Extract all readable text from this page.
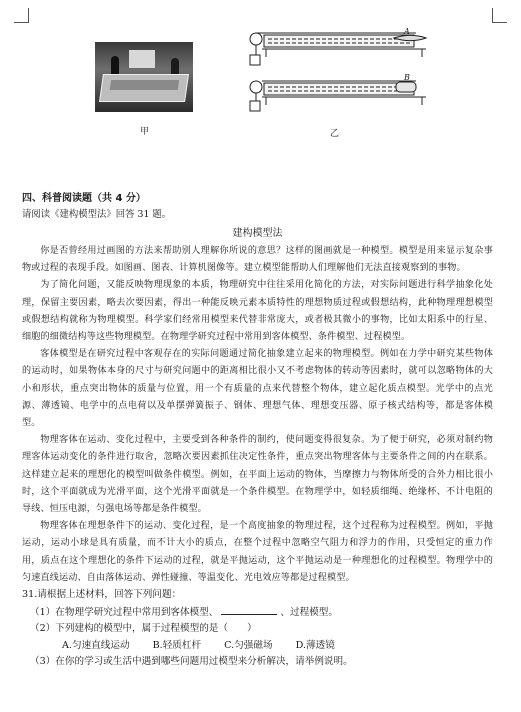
甲
A
B
乙
四、科普阅读题（共 4 分）
请阅读《建构模型法》回答 31 题。
建构模型法
你是否曾经用过画图的方法来帮助别人理解你所说的意思？这样的图画就是一种模型。模型是用来显示复杂事物或过程的表现手段。如图画、图表、计算机图像等。建立模型能帮助人们理解他们无法直接观察到的事物。
为了简化问题，又能反映物理现象的本质，物理研究中往往采用化简化的方法，对实际问题进行科学抽象化处理，保留主要因素，略去次要因素，得出一种能反映元素本质特性的理想物质过程或假想结构，此种物理理想模型或假想结构就称为物理模型。科学家们经常用模型来代替非常庞大，或者极其微小的事物，比如太阳系中的行星、细胞的细微结构等这些物理模型。在物理学研究过程中常用到客体模型、条件模型、过程模型。
客体模型是在研究过程中客观存在的实际问题通过简化抽象建立起来的物理模型。例如在力学中研究某些物体的运动时，如果物体本身的尺寸与研究问题中的距离相比很小又不考虑物体的转动等因素时，就可以忽略物体的大小和形状，重点突出物体的质量与位置，用一个有质量的点来代替整个物体，建立起化质点模型。光学中的点光源、薄透镜、电学中的点电荷以及单摆弹簧振子、钢体、理想气体、理想变压器、原子核式结构等，都是客体模型。
物理客体在运动、变化过程中，主要受到各种条件的制约，使问题变得很复杂。为了便于研究，必须对制约物理客体运动变化的条件进行取舍，忽略次要因素抓住决定性条件，重点突出物理客体与主要条件之间的内在联系。这样建立起来的理想化的模型叫做条件模型。例如，在平面上运动的物体，当摩擦力与物体所受的合外力相比很小时，这个平面就成为光滑平面，这个光滑平面就是一个条件模型。在物理学中，如轻质细绳、绝缘杯、不计电阻的导线、恒压电源，匀强电场等都是条件模型。
物理客体在理想条件下的运动、变化过程，是一个高度抽象的物理过程，这个过程称为过程模型。例如，平抛运动，运动小球是具有质量，而不计大小的质点，在整个过程中忽略空气阻力和浮力的作用，只受恒定的重力作用，质点在这个理想化的条件下运动的过程，就是平抛运动，这个平抛运动是一种理想化的过程模型。物理学中的匀速直线运动、自由落体运动、弹性碰撞、等温变化、光电效应等都是过程模型。
31.请根据上述材料，回答下列问题：
（1）在物理学研究过程中常用到客体模型、	、过程模型。
（2）下列建构的模型中，属于过程模型的是（　　）
A.匀速直线运动 B.轻质杠杆 C.匀强磁场 D.薄透镜
（3）在你的学习或生活中遇到哪些问题用过模型来分析解决，请举例说明。
